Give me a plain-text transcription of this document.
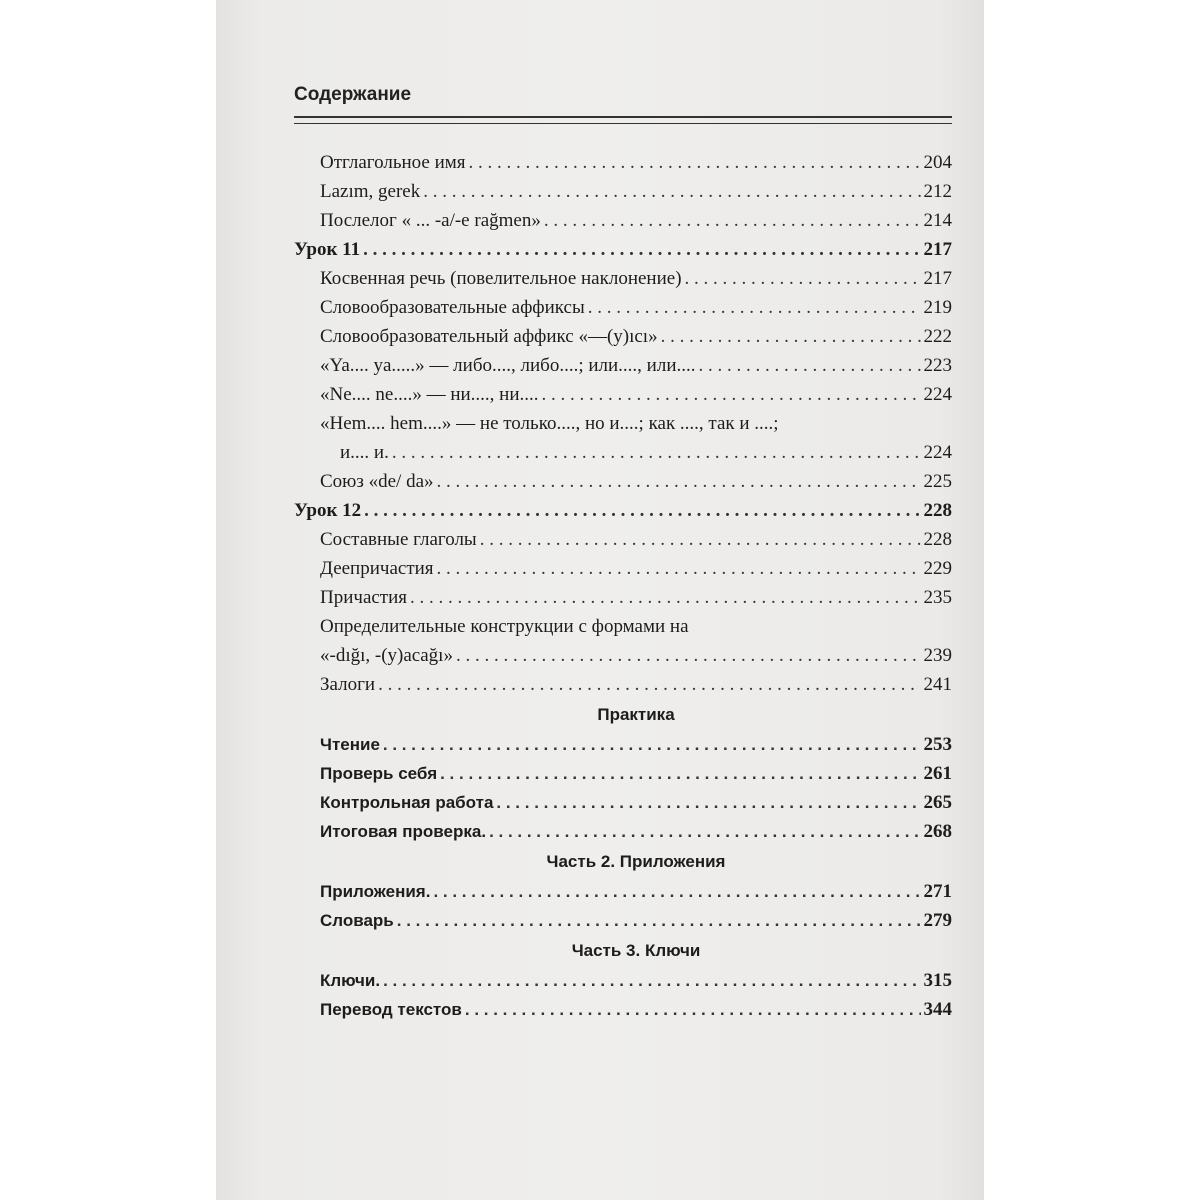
Содержание
Отглагольное имя . . .	204
Lazım, gerek . . .	212
Послелог « ... -a/-e rağmen» . . .	214
Урок 11 . . .	217
Косвенная речь (повелительное наклонение) . . .	217
Словообразовательные аффиксы . . .	219
Словообразовательный аффикс «—(y)ıcı» . . .	222
«Ya.... ya.....» — либо...., либо....; или...., или.... . . .	223
«Ne.... ne....» — ни...., ни.... . . .	224
«Hem.... hem....» — не только...., но и....; как ...., так и ....;
и.... и. . . .	224
Союз «de/ da» . . .	225
Урок 12 . . .	228
Составные глаголы . . .	228
Деепричастия . . .	229
Причастия . . .	235
Определительные конструкции с формами на
«-dığı, -(y)acağı» . . .	239
Залоги . . .	241
Практика
Чтение . . .	253
Проверь себя . . .	261
Контрольная работа . . .	265
Итоговая проверка. . . .	268
Часть 2. Приложения
Приложения. . . .	271
Словарь . . .	279
Часть 3. Ключи
Ключи. . . .	315
Перевод текстов . . .	344
